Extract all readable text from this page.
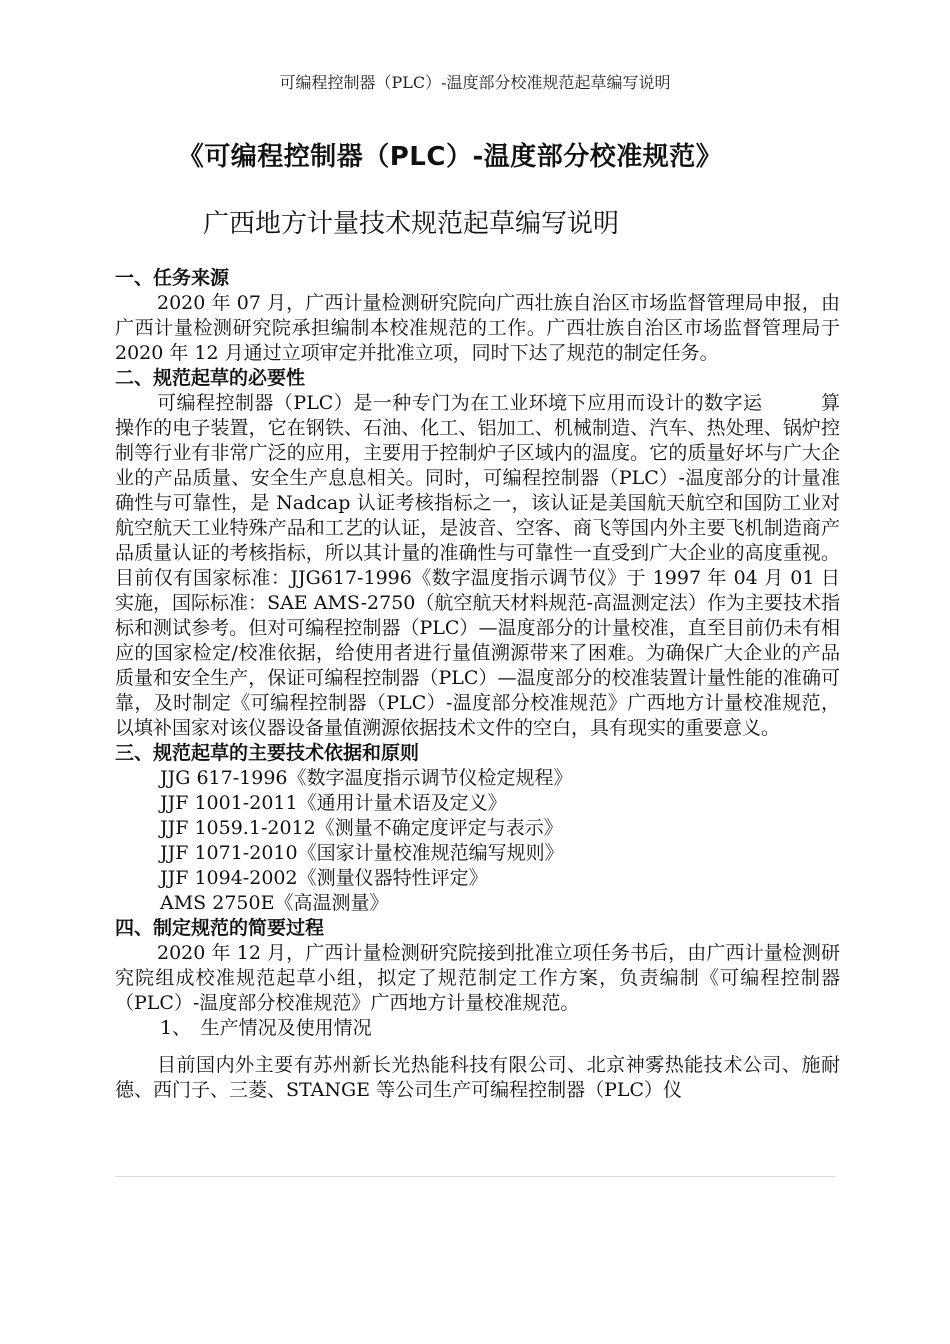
可编程控制器（PLC）-温度部分校准规范起草编写说明
《可编程控制器（PLC）-温度部分校准规范》
广西地方计量技术规范起草编写说明
一、任务来源

2020 年 07 月，广西计量检测研究院向广西壮族自治区市场监督管理局申报，由广西计量检测研究院承担编制本校准规范的工作。广西壮族自治区市场监督管理局于 2020 年 12 月通过立项审定并批准立项，同时下达了规范的制定任务。

二、规范起草的必要性

可编程控制器（PLC）是一种专门为在工业环境下应用而设计的数字运　　　算操作的电子装置，它在钢铁、石油、化工、铝加工、机械制造、汽车、热处理、锅炉控制等行业有非常广泛的应用，主要用于控制炉子区域内的温度。它的质量好坏与广大企业的产品质量、安全生产息息相关。同时，可编程控制器（PLC）-温度部分的计量准确性与可靠性，是 Nadcap 认证考核指标之一，该认证是美国航天航空和国防工业对航空航天工业特殊产品和工艺的认证，是波音、空客、商飞等国内外主要飞机制造商产品质量认证的考核指标，所以其计量的准确性与可靠性一直受到广大企业的高度重视。目前仅有国家标准：JJG617-1996《数字温度指示调节仪》于 1997 年 04 月 01 日实施，国际标准：SAE AMS-2750（航空航天材料规范-高温测定法）作为主要技术指标和测试参考。但对可编程控制器（PLC）—温度部分的计量校准，直至目前仍未有相应的国家检定/校准依据，给使用者进行量值溯源带来了困难。为确保广大企业的产品质量和安全生产，保证可编程控制器（PLC）—温度部分的校准装置计量性能的准确可靠，及时制定《可编程控制器（PLC）-温度部分校准规范》广西地方计量校准规范，以填补国家对该仪器设备量值溯源依据技术文件的空白，具有现实的重要意义。

三、规范起草的主要技术依据和原则

JJG 617-1996《数字温度指示调节仪检定规程》

JJF 1001-2011《通用计量术语及定义》

JJF 1059.1-2012《测量不确定度评定与表示》

JJF 1071-2010《国家计量校准规范编写规则》

JJF 1094-2002《测量仪器特性评定》

AMS 2750E《高温测量》

四、制定规范的简要过程

2020 年 12 月，广西计量检测研究院接到批准立项任务书后，由广西计量检测研究院组成校准规范起草小组，拟定了规范制定工作方案，负责编制《可编程控制器（PLC）-温度部分校准规范》广西地方计量校准规范。

1、　生产情况及使用情况

目前国内外主要有苏州新长光热能科技有限公司、北京神雾热能技术公司、施耐德、西门子、三菱、STANGE 等公司生产可编程控制器（PLC）仪
